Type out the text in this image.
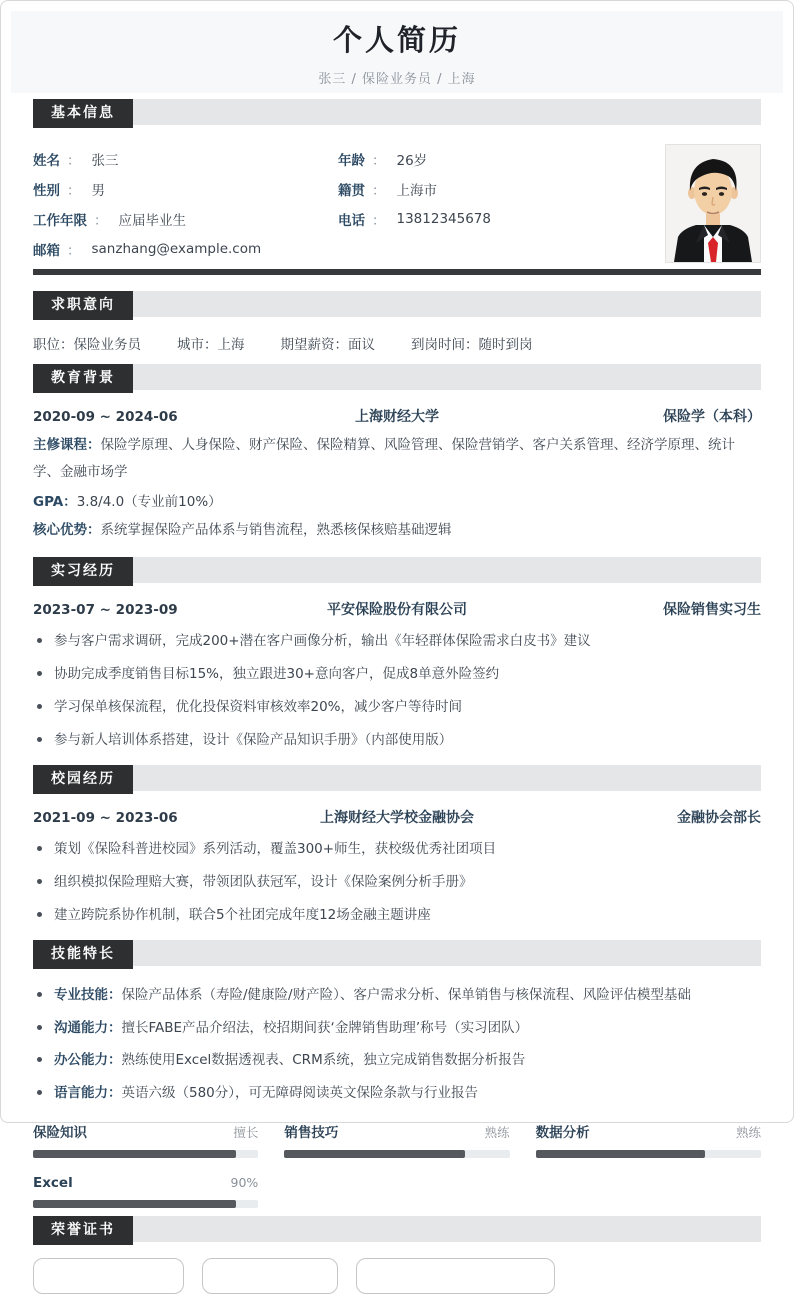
个人简历
张三 / 保险业务员 / 上海
基本信息
姓名 ： 张三
性别 ： 男
工作年限 ： 应届毕业生
邮箱 ： sanzhang@example.com
年龄 ： 26岁
籍贯 ： 上海市
电话 ： 13812345678
求职意向
职位：保险业务员	城市：上海	期望薪资：面议	到岗时间：随时到岗
教育背景
2020-09 ~ 2024-06	上海财经大学	保险学（本科）
主修课程：保险学原理、人身保险、财产保险、保险精算、风险管理、保险营销学、客户关系管理、经济学原理、统计学、金融市场学
GPA：3.8/4.0（专业前10%）
核心优势：系统掌握保险产品体系与销售流程，熟悉核保核赔基础逻辑
实习经历
2023-07 ~ 2023-09	平安保险股份有限公司	保险销售实习生
参与客户需求调研，完成200+潜在客户画像分析，输出《年轻群体保险需求白皮书》建议
协助完成季度销售目标15%，独立跟进30+意向客户，促成8单意外险签约
学习保单核保流程，优化投保资料审核效率20%，减少客户等待时间
参与新人培训体系搭建，设计《保险产品知识手册》（内部使用版）
校园经历
2021-09 ~ 2023-06	上海财经大学校金融协会	金融协会部长
策划《保险科普进校园》系列活动，覆盖300+师生，获校级优秀社团项目
组织模拟保险理赔大赛，带领团队获冠军，设计《保险案例分析手册》
建立跨院系协作机制，联合5个社团完成年度12场金融主题讲座
技能特长
专业技能：保险产品体系（寿险/健康险/财产险）、客户需求分析、保单销售与核保流程、风险评估模型基础
沟通能力：擅长FABE产品介绍法，校招期间获‘金牌销售助理’称号（实习团队）
办公能力：熟练使用Excel数据透视表、CRM系统，独立完成销售数据分析报告
语言能力：英语六级（580分），可无障碍阅读英文保险条款与行业报告
保险知识	擅长 销售技巧	熟练 数据分析	熟练
Excel	90%
荣誉证书
